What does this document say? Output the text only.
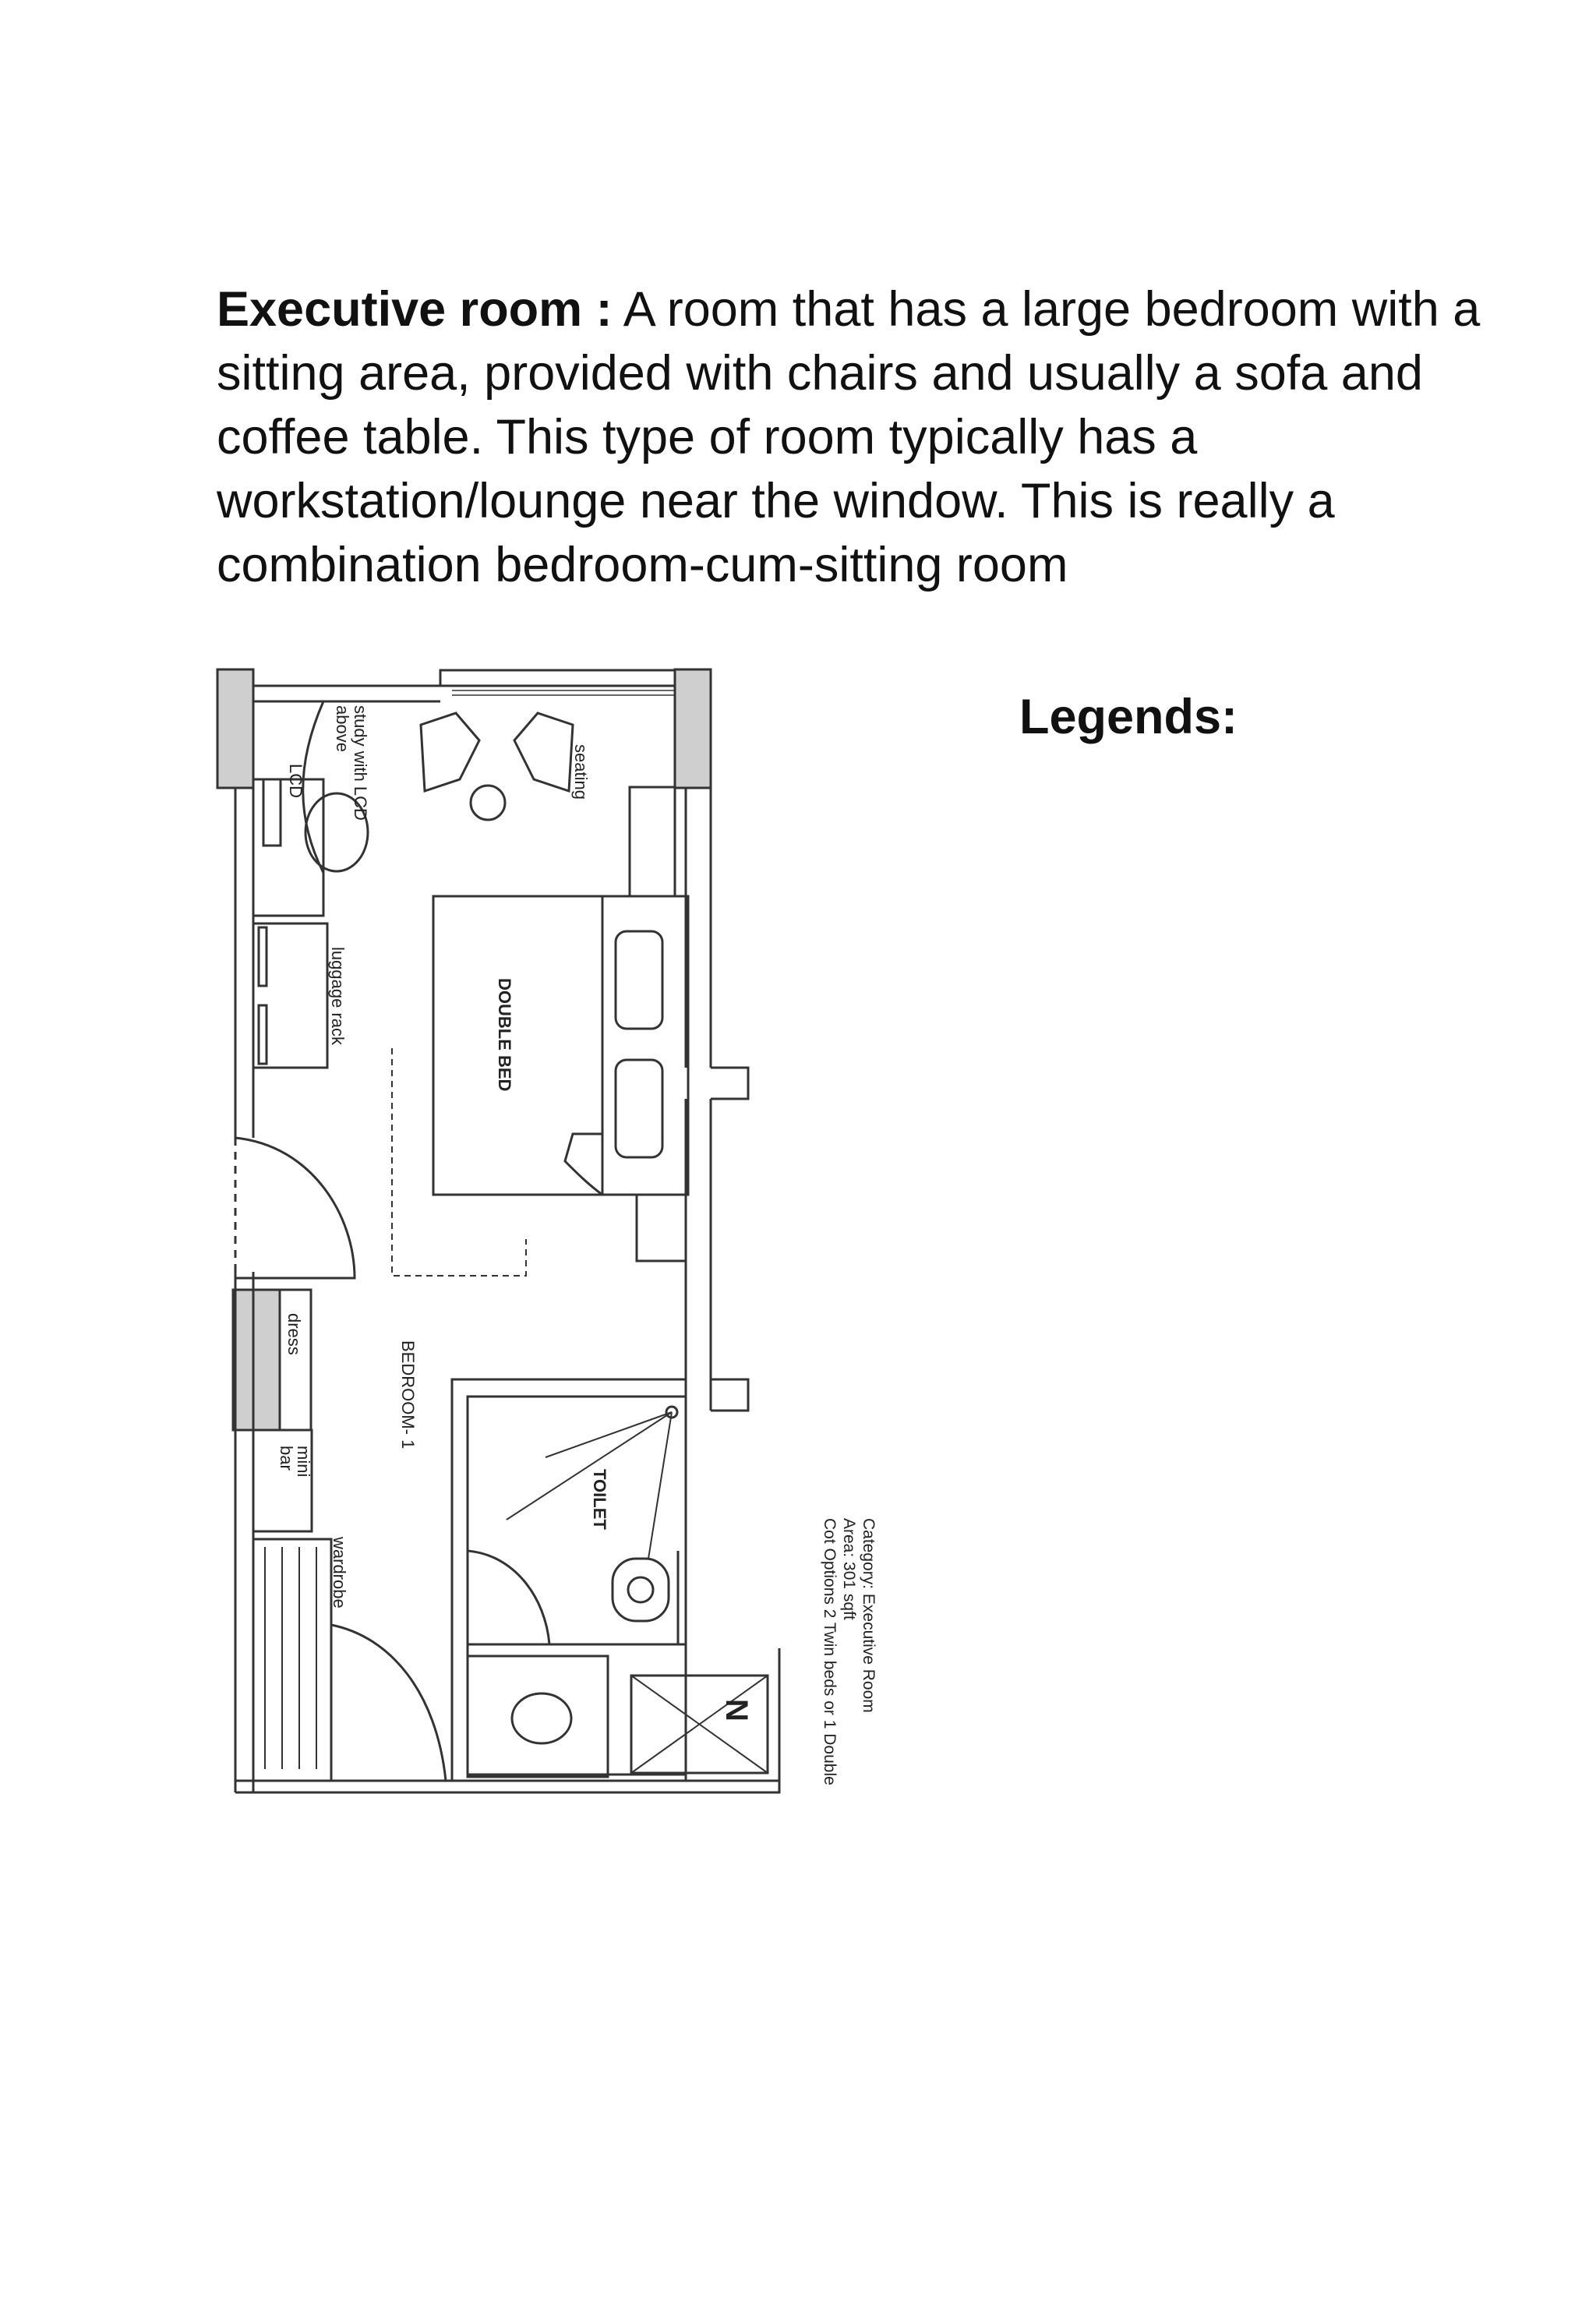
Executive room : A room that has a large bedroom with a sitting area, provided with chairs and usually a sofa and coffee table. This type of room typically has a workstation/lounge near the window. This is really a combination bedroom-cum-sitting room

Legends:
study with LCD
above
LCD	seating
luggage rack	DOUBLE BED
dress
BEDROOM- 1
mini
bar
TOILET
wardrobe
N	Category: Executive Room
Area: 301 sqft
Cot Options 2 Twin beds or 1 Double
